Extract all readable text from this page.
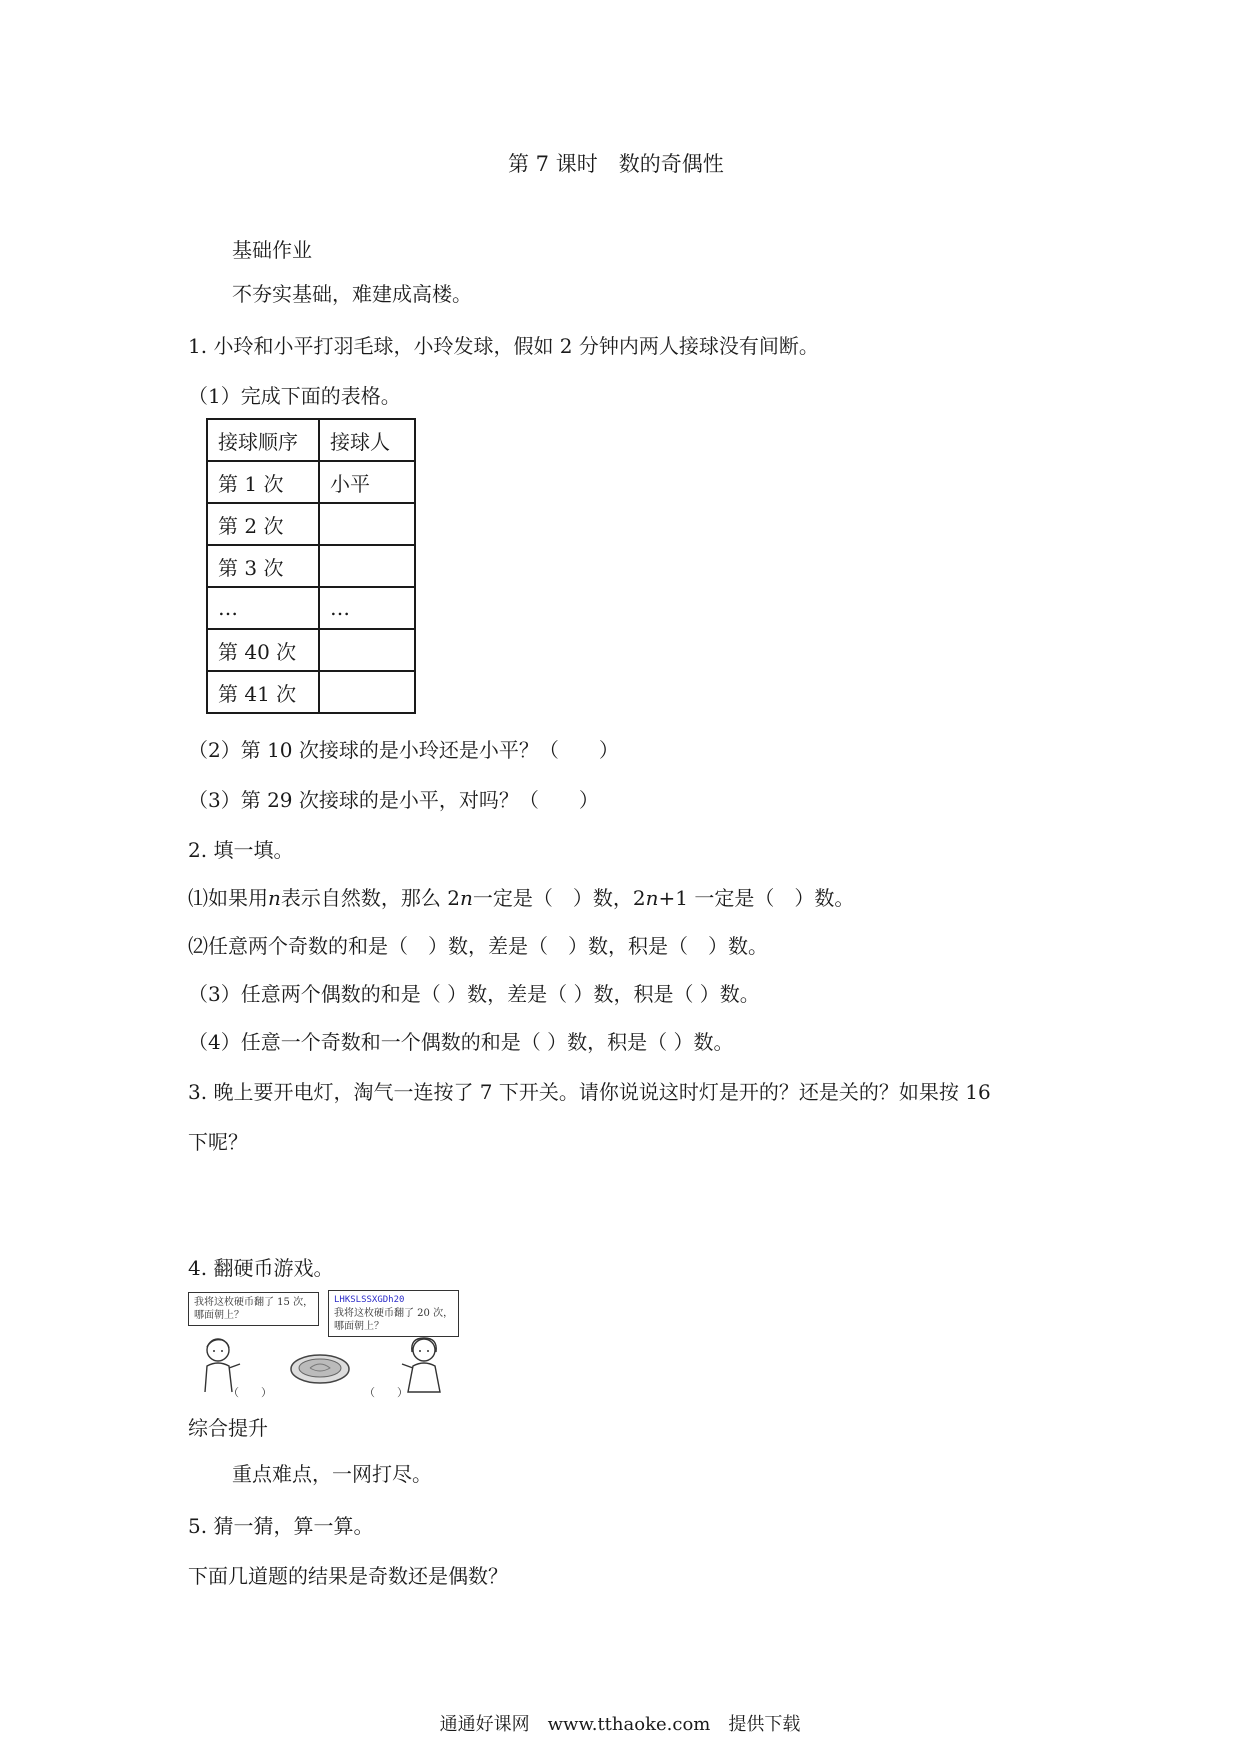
第 7 课时　数的奇偶性
基础作业
不夯实基础，难建成高楼。
1. 小玲和小平打羽毛球，小玲发球，假如 2 分钟内两人接球没有间断。
（1）完成下面的表格。
接球顺序	接球人
第 1 次	小平
第 2 次	
第 3 次	
…	…
第 40 次	
第 41 次	
（2）第 10 次接球的是小玲还是小平？（　　）
（3）第 29 次接球的是小平，对吗？（　　）
2. 填一填。
⑴如果用n表示自然数，那么 2n一定是（　）数，2n+1 一定是（　）数。
⑵任意两个奇数的和是（　）数，差是（　）数，积是（　）数。
（3）任意两个偶数的和是（ ）数，差是（ ）数，积是（ ）数。
（4）任意一个奇数和一个偶数的和是（ ）数，积是（ ）数。
3. 晚上要开电灯，淘气一连按了 7 下开关。请你说说这时灯是开的？还是关的？如果按 16
下呢？
4. 翻硬币游戏。
我将这枚硬币翻了 15 次，
哪面朝上？
LHKSLSSXGDh20
我将这枚硬币翻了 20 次，
哪面朝上？
（　　）	（　　）
综合提升
重点难点，一网打尽。
5. 猜一猜，算一算。
下面几道题的结果是奇数还是偶数？
通通好课网　www.tthaoke.com　提供下载
